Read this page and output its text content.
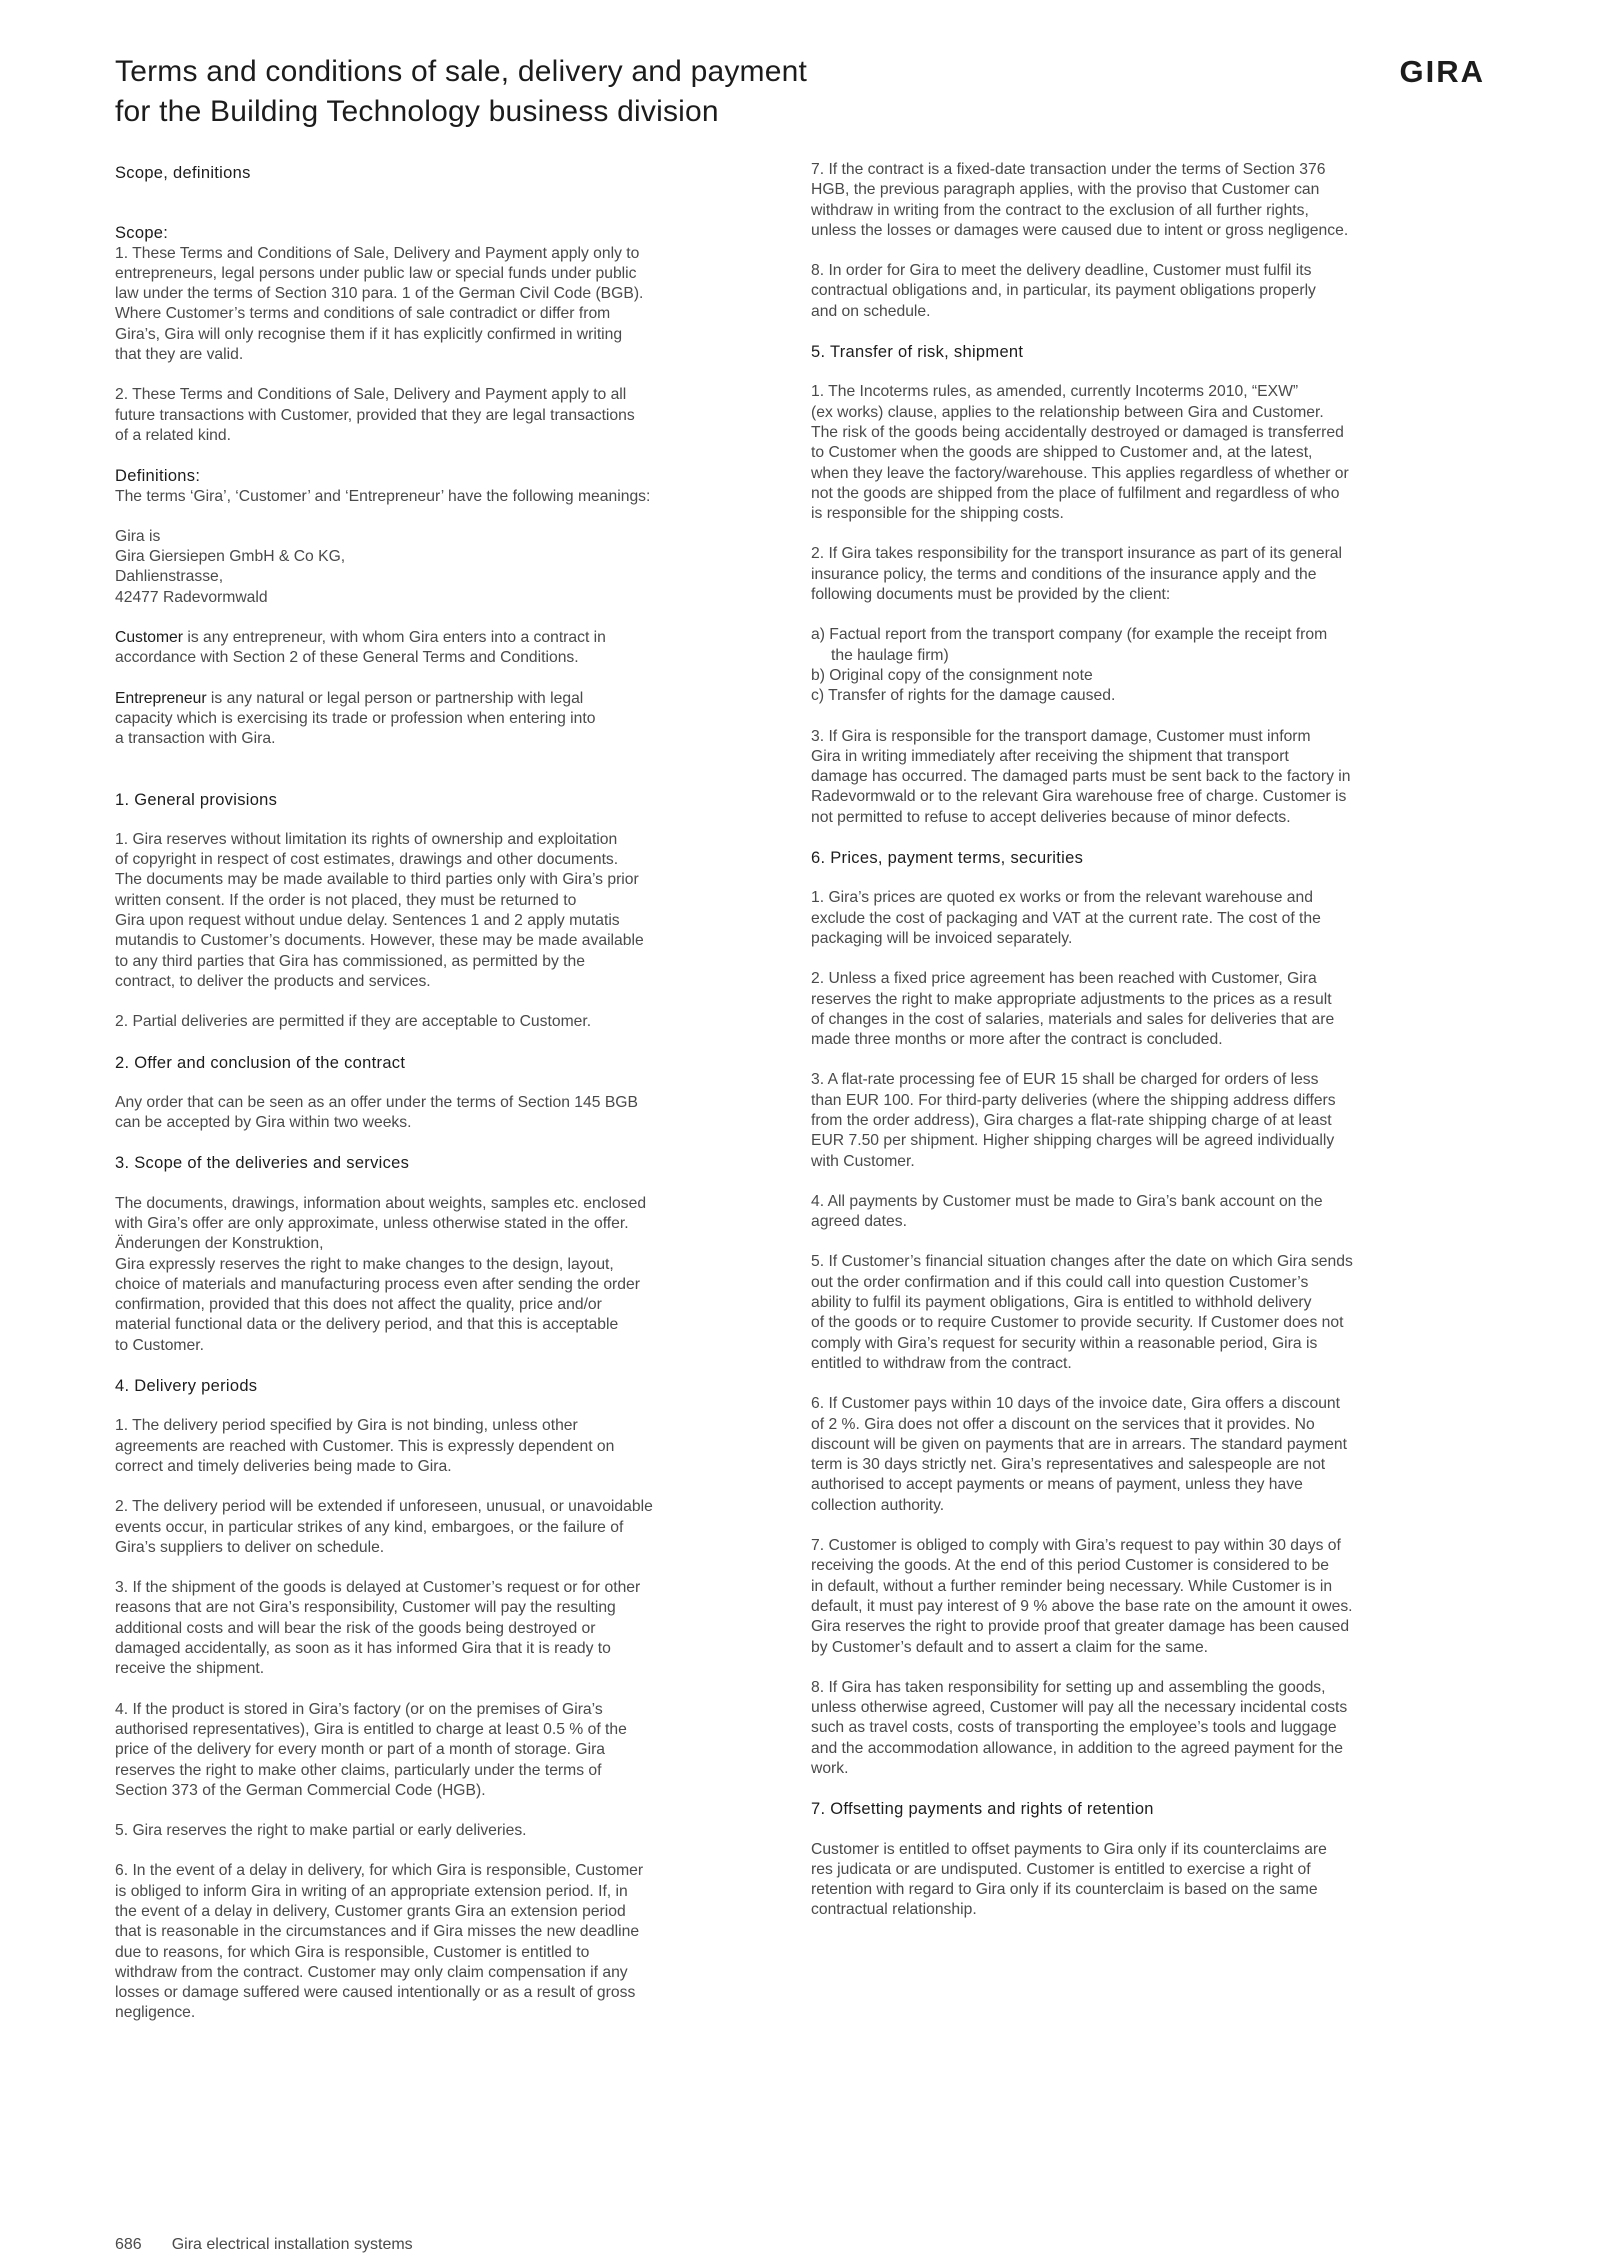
Terms and conditions of sale, delivery and payment
for the Building Technology business division
GIRA
Scope, definitions
Scope:

1. These Terms and Conditions of Sale, Delivery and Payment apply only to
entrepreneurs, legal persons under public law or special funds under public
law under the terms of Section 310 para. 1 of the German Civil Code (BGB).
Where Customer’s terms and conditions of sale contradict or differ from
Gira’s, Gira will only recognise them if it has explicitly confirmed in writing
that they are valid.

2. These Terms and Conditions of Sale, Delivery and Payment apply to all
future transactions with Customer, provided that they are legal transactions
of a related kind.

Definitions:

The terms ‘Gira’, ‘Customer’ and ‘Entrepreneur’ have the following meanings:

Gira is
Gira Giersiepen GmbH & Co KG,
Dahlienstrasse,
42477 Radevormwald

Customer is any entrepreneur, with whom Gira enters into a contract in
accordance with Section 2 of these General Terms and Conditions.

Entrepreneur is any natural or legal person or partnership with legal
capacity which is exercising its trade or profession when entering into
a transaction with Gira.

1. General provisions

1. Gira reserves without limitation its rights of ownership and exploitation
of copyright in respect of cost estimates, drawings and other documents.
The documents may be made available to third parties only with Gira’s prior
written consent. If the order is not placed, they must be returned to
Gira upon request without undue delay. Sentences 1 and 2 apply mutatis
mutandis to Customer’s documents. However, these may be made available
to any third parties that Gira has commissioned, as permitted by the
contract, to deliver the products and services.

2. Partial deliveries are permitted if they are acceptable to Customer.

2. Offer and conclusion of the contract

Any order that can be seen as an offer under the terms of Section 145 BGB
can be accepted by Gira within two weeks.

3. Scope of the deliveries and services

The documents, drawings, information about weights, samples etc. enclosed
with Gira’s offer are only approximate, unless otherwise stated in the offer.
Änderungen der Konstruktion,
Gira expressly reserves the right to make changes to the design, layout,
choice of materials and manufacturing process even after sending the order
confirmation, provided that this does not affect the quality, price and/or
material functional data or the delivery period, and that this is acceptable
to Customer.

4. Delivery periods

1. The delivery period specified by Gira is not binding, unless other
agreements are reached with Customer. This is expressly dependent on
correct and timely deliveries being made to Gira.

2. The delivery period will be extended if unforeseen, unusual, or unavoidable
events occur, in particular strikes of any kind, embargoes, or the failure of
Gira’s suppliers to deliver on schedule.

3. If the shipment of the goods is delayed at Customer’s request or for other
reasons that are not Gira’s responsibility, Customer will pay the resulting
additional costs and will bear the risk of the goods being destroyed or
damaged accidentally, as soon as it has informed Gira that it is ready to
receive the shipment.

4. If the product is stored in Gira’s factory (or on the premises of Gira’s
authorised representatives), Gira is entitled to charge at least 0.5 % of the
price of the delivery for every month or part of a month of storage. Gira
reserves the right to make other claims, particularly under the terms of
Section 373 of the German Commercial Code (HGB).

5. Gira reserves the right to make partial or early deliveries.

6. In the event of a delay in delivery, for which Gira is responsible, Customer
is obliged to inform Gira in writing of an appropriate extension period. If, in
the event of a delay in delivery, Customer grants Gira an extension period
that is reasonable in the circumstances and if Gira misses the new deadline
due to reasons, for which Gira is responsible, Customer is entitled to
withdraw from the contract. Customer may only claim compensation if any
losses or damage suffered were caused intentionally or as a result of gross
negligence.

7. If the contract is a fixed-date transaction under the terms of Section 376
HGB, the previous paragraph applies, with the proviso that Customer can
withdraw in writing from the contract to the exclusion of all further rights,
unless the losses or damages were caused due to intent or gross negligence.

8. In order for Gira to meet the delivery deadline, Customer must fulfil its
contractual obligations and, in particular, its payment obligations properly
and on schedule.

5. Transfer of risk, shipment

1. The Incoterms rules, as amended, currently Incoterms 2010, “EXW”
(ex works) clause, applies to the relationship between Gira and Customer.
The risk of the goods being accidentally destroyed or damaged is transferred
to Customer when the goods are shipped to Customer and, at the latest,
when they leave the factory/warehouse. This applies regardless of whether or
not the goods are shipped from the place of fulfilment and regardless of who
is responsible for the shipping costs.

2. If Gira takes responsibility for the transport insurance as part of its general
insurance policy, the terms and conditions of the insurance apply and the
following documents must be provided by the client:

a) Factual report from the transport company (for example the receipt from
the haulage firm)

b) Original copy of the consignment note

c) Transfer of rights for the damage caused.

3. If Gira is responsible for the transport damage, Customer must inform
Gira in writing immediately after receiving the shipment that transport
damage has occurred. The damaged parts must be sent back to the factory in
Radevormwald or to the relevant Gira warehouse free of charge. Customer is
not permitted to refuse to accept deliveries because of minor defects.

6. Prices, payment terms, securities

1. Gira’s prices are quoted ex works or from the relevant warehouse and
exclude the cost of packaging and VAT at the current rate. The cost of the
packaging will be invoiced separately.

2. Unless a fixed price agreement has been reached with Customer, Gira
reserves the right to make appropriate adjustments to the prices as a result
of changes in the cost of salaries, materials and sales for deliveries that are
made three months or more after the contract is concluded.

3. A flat-rate processing fee of EUR 15 shall be charged for orders of less
than EUR 100. For third-party deliveries (where the shipping address differs
from the order address), Gira charges a flat-rate shipping charge of at least
EUR 7.50 per shipment. Higher shipping charges will be agreed individually
with Customer.

4. All payments by Customer must be made to Gira’s bank account on the
agreed dates.

5. If Customer’s financial situation changes after the date on which Gira sends
out the order confirmation and if this could call into question Customer’s
ability to fulfil its payment obligations, Gira is entitled to withhold delivery
of the goods or to require Customer to provide security. If Customer does not
comply with Gira’s request for security within a reasonable period, Gira is
entitled to withdraw from the contract.

6. If Customer pays within 10 days of the invoice date, Gira offers a discount
of 2 %. Gira does not offer a discount on the services that it provides. No
discount will be given on payments that are in arrears. The standard payment
term is 30 days strictly net. Gira’s representatives and salespeople are not
authorised to accept payments or means of payment, unless they have
collection authority.

7. Customer is obliged to comply with Gira’s request to pay within 30 days of
receiving the goods. At the end of this period Customer is considered to be
in default, without a further reminder being necessary. While Customer is in
default, it must pay interest of 9 % above the base rate on the amount it owes.
Gira reserves the right to provide proof that greater damage has been caused
by Customer’s default and to assert a claim for the same.

8. If Gira has taken responsibility for setting up and assembling the goods,
unless otherwise agreed, Customer will pay all the necessary incidental costs
such as travel costs, costs of transporting the employee’s tools and luggage
and the accommodation allowance, in addition to the agreed payment for the
work.

7. Offsetting payments and rights of retention

Customer is entitled to offset payments to Gira only if its counterclaims are
res judicata or are undisputed. Customer is entitled to exercise a right of
retention with regard to Gira only if its counterclaim is based on the same
contractual relationship.

686 Gira electrical installation systems
